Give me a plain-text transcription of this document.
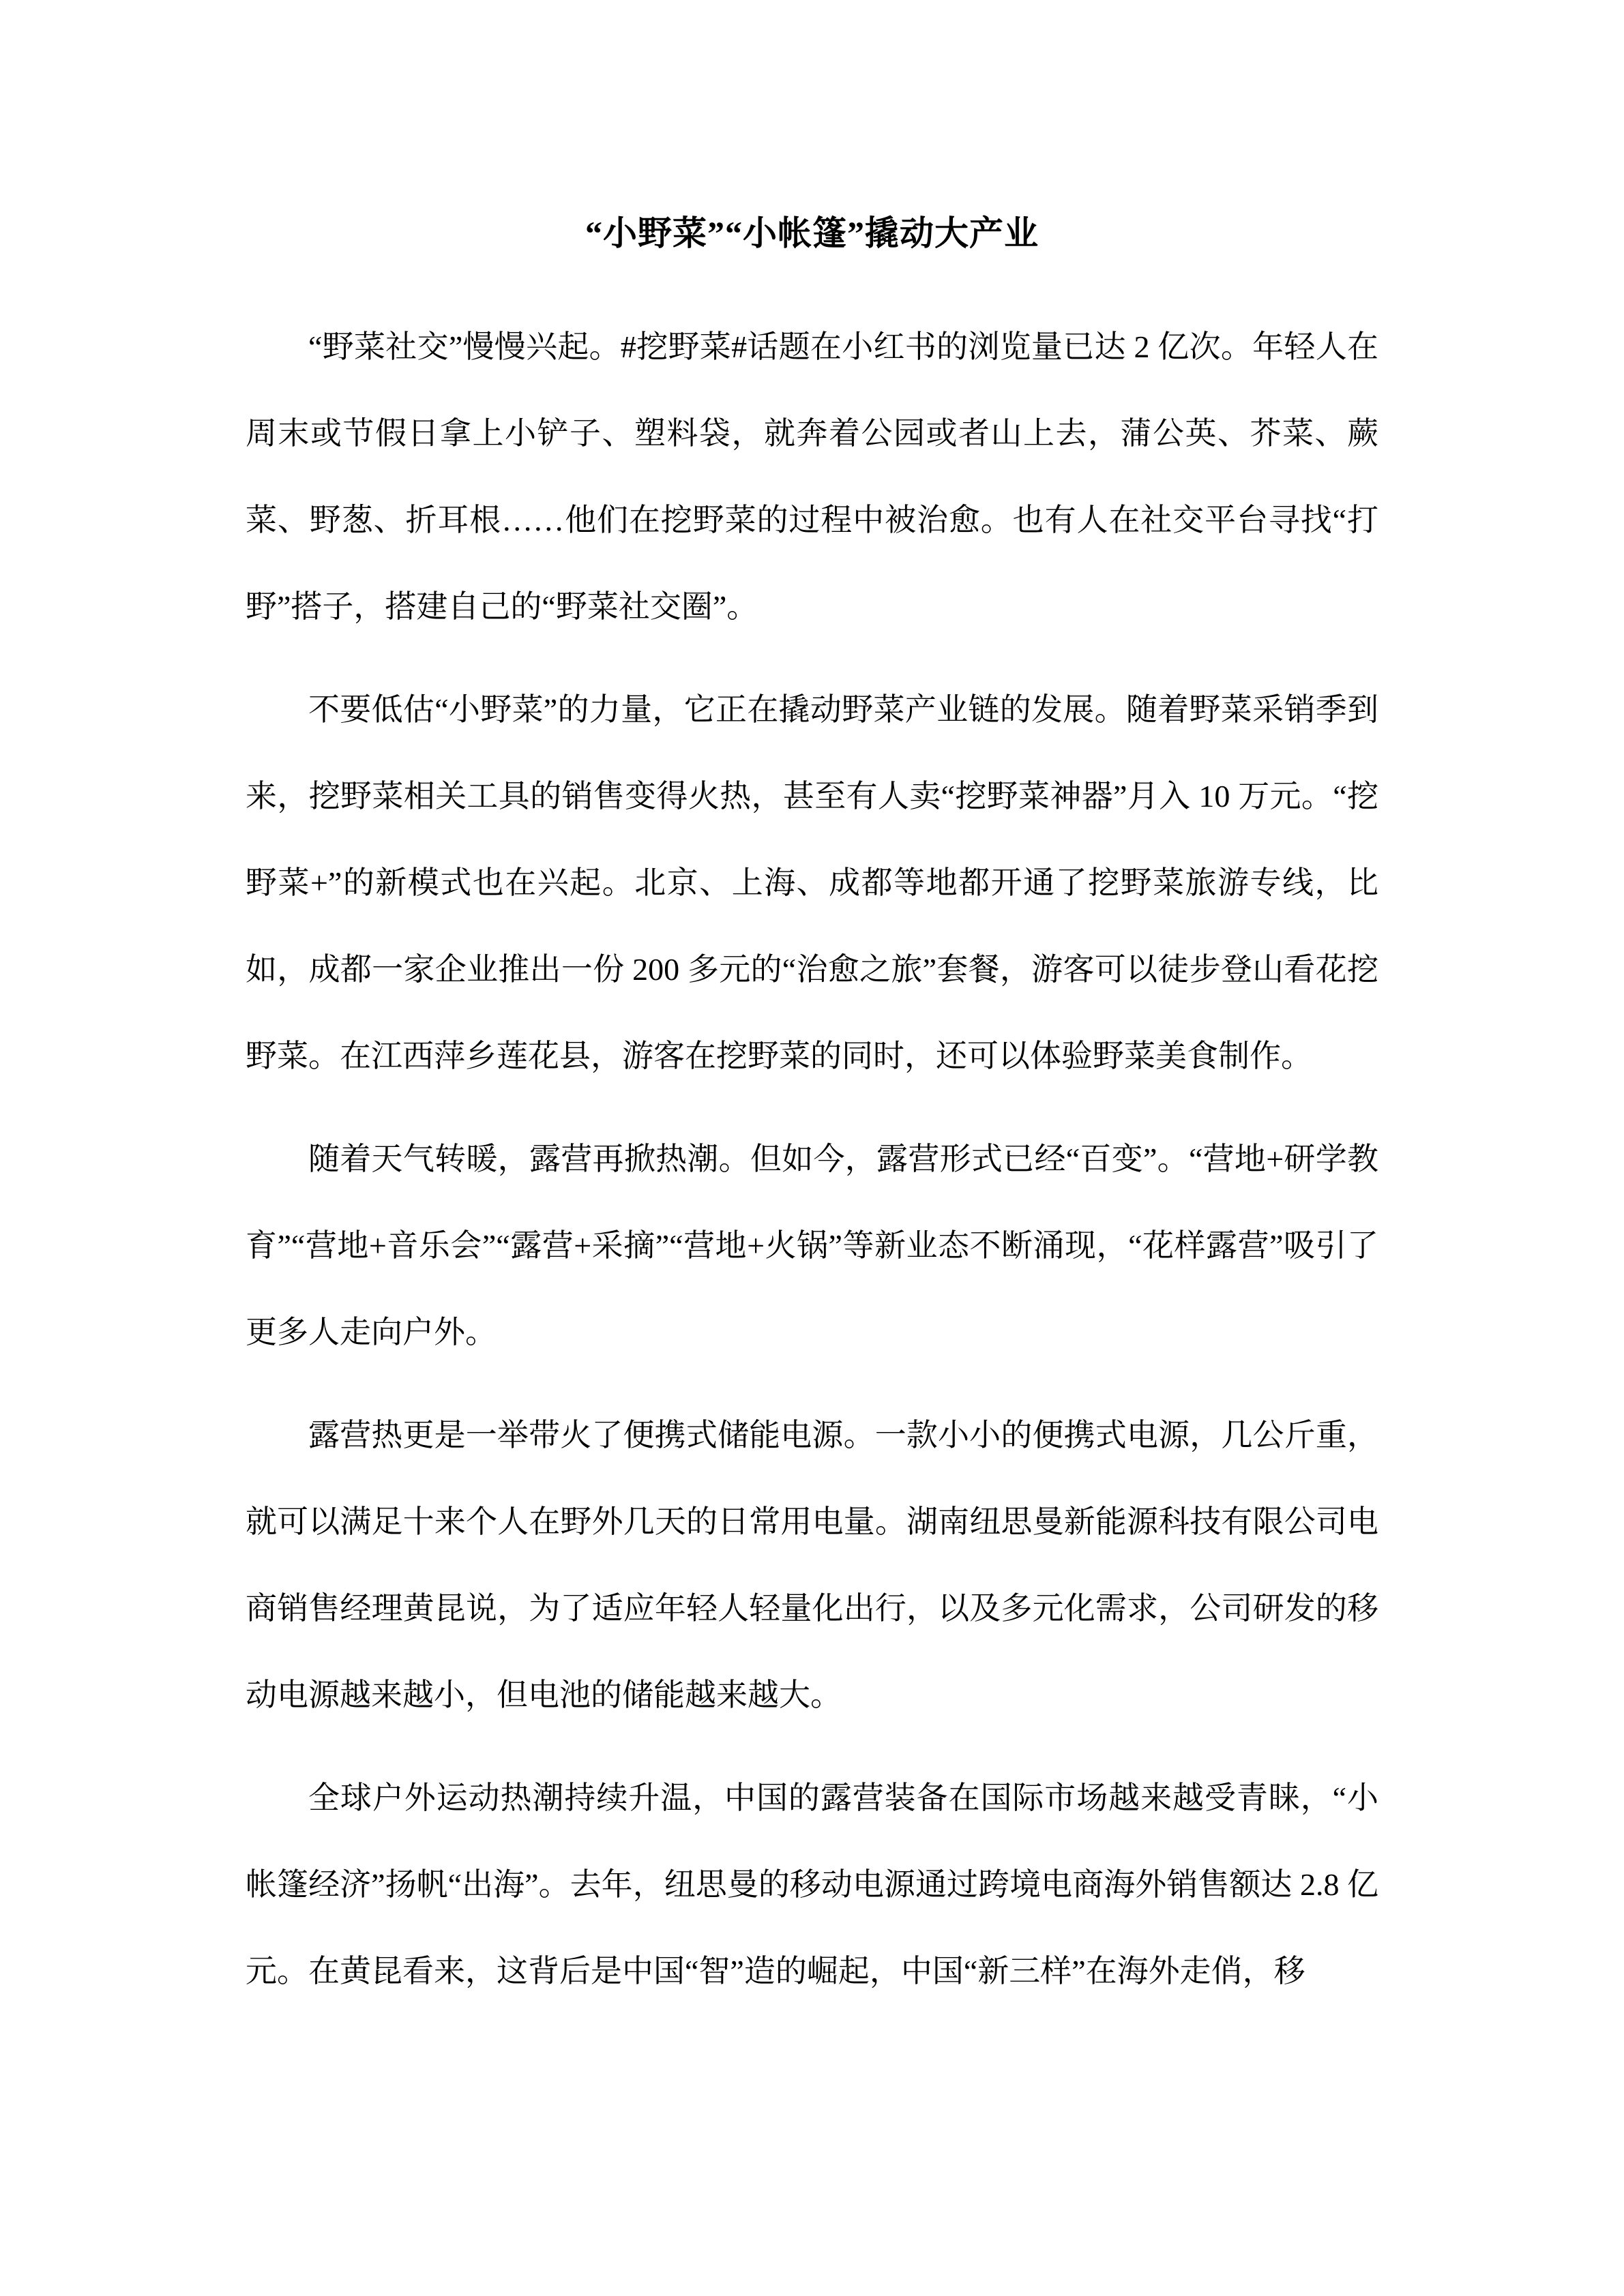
“小野菜”“小帐篷”撬动大产业

“野菜社交”慢慢兴起。#挖野菜#话题在小红书的浏览量已达 2 亿次。年轻人在周末或节假日拿上小铲子、塑料袋，就奔着公园或者山上去，蒲公英、芥菜、蕨菜、野葱、折耳根……他们在挖野菜的过程中被治愈。也有人在社交平台寻找“打野”搭子，搭建自己的“野菜社交圈”。

不要低估“小野菜”的力量，它正在撬动野菜产业链的发展。随着野菜采销季到来，挖野菜相关工具的销售变得火热，甚至有人卖“挖野菜神器”月入 10 万元。“挖野菜+”的新模式也在兴起。北京、上海、成都等地都开通了挖野菜旅游专线，比如，成都一家企业推出一份 200 多元的“治愈之旅”套餐，游客可以徒步登山看花挖野菜。在江西萍乡莲花县，游客在挖野菜的同时，还可以体验野菜美食制作。

随着天气转暖，露营再掀热潮。但如今，露营形式已经“百变”。“营地+研学教育”“营地+音乐会”“露营+采摘”“营地+火锅”等新业态不断涌现，“花样露营”吸引了更多人走向户外。

露营热更是一举带火了便携式储能电源。一款小小的便携式电源，几公斤重，就可以满足十来个人在野外几天的日常用电量。湖南纽思曼新能源科技有限公司电商销售经理黄昆说，为了适应年轻人轻量化出行，以及多元化需求，公司研发的移动电源越来越小，但电池的储能越来越大。

全球户外运动热潮持续升温，中国的露营装备在国际市场越来越受青睐，“小帐篷经济”扬帆“出海”。去年，纽思曼的移动电源通过跨境电商海外销售额达 2.8 亿元。在黄昆看来，这背后是中国“智”造的崛起，中国“新三样”在海外走俏，移
